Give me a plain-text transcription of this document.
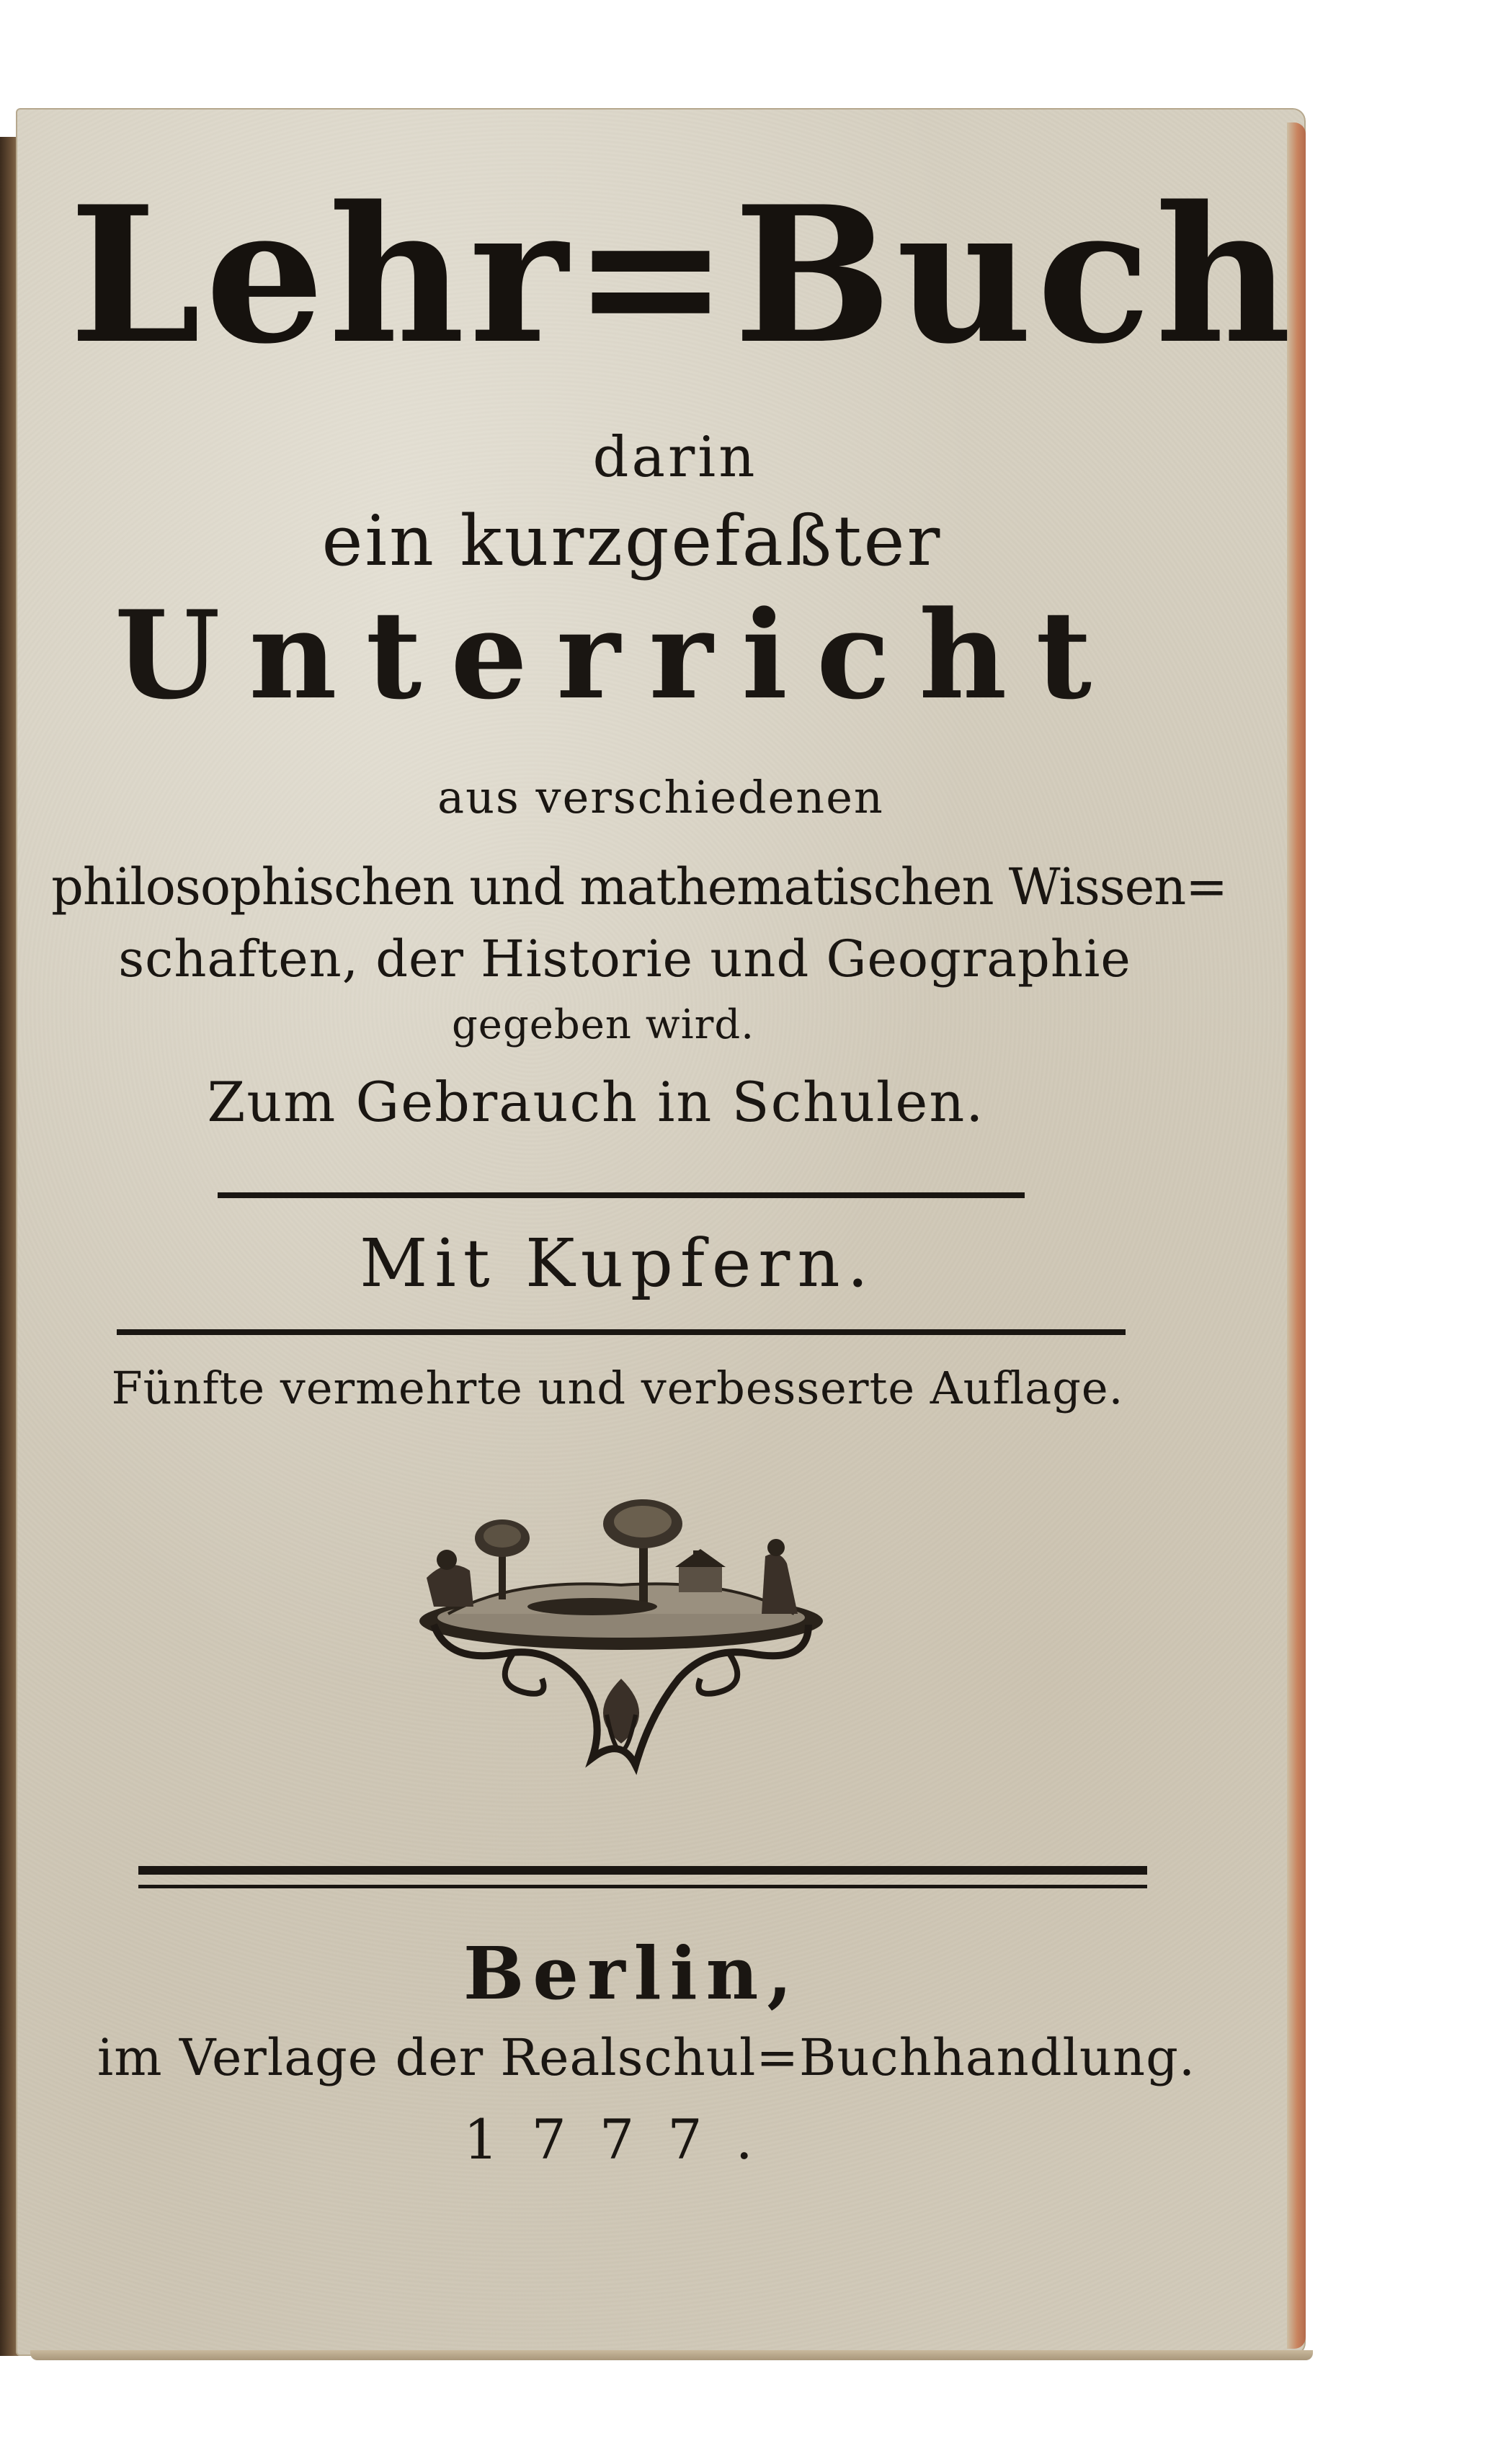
Lehr=Buch
darin
ein kurzgefaßter
Unterricht
aus verschiedenen
philosophischen und mathematischen Wissen=
schaften, der Historie und Geographie
gegeben wird.
Zum Gebrauch in Schulen.
Mit Kupfern.
Fünfte vermehrte und verbesserte Auflage.
Berlin,
im Verlage der Realschul=Buchhandlung.
1777.
